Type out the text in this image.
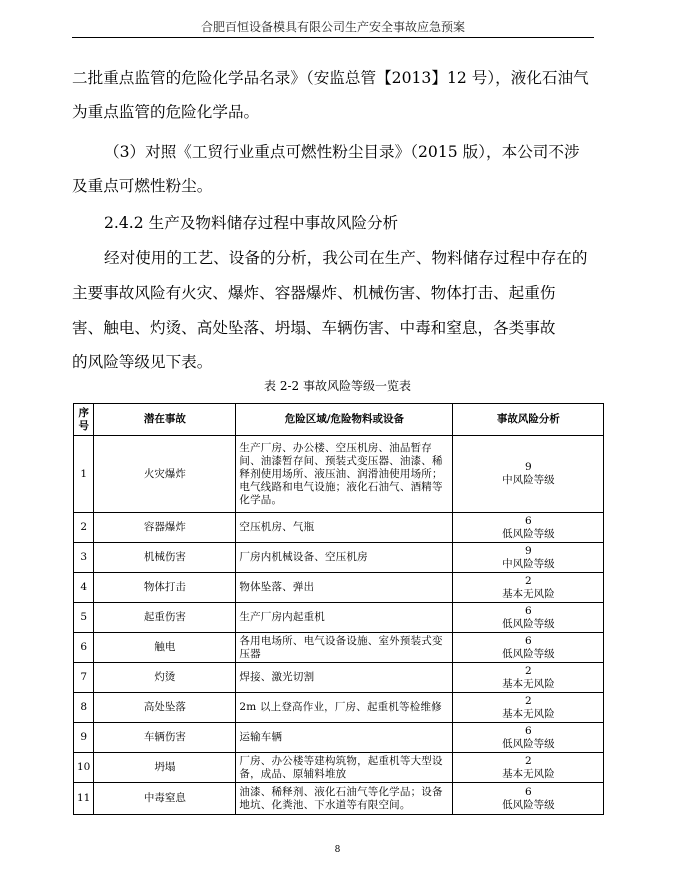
合肥百恒设备模具有限公司生产安全事故应急预案
二批重点监管的危险化学品名录》（安监总管【2013】12 号），液化石油气
为重点监管的危险化学品。
（3）对照《工贸行业重点可燃性粉尘目录》（2015 版），本公司不涉
及重点可燃性粉尘。
2.4.2 生产及物料储存过程中事故风险分析
经对使用的工艺、设备的分析，我公司在生产、物料储存过程中存在的
主要事故风险有火灾、爆炸、容器爆炸、机械伤害、物体打击、起重伤
害、触电、灼烫、高处坠落、坍塌、车辆伤害、中毒和窒息，各类事故
的风险等级见下表。
表 2-2 事故风险等级一览表
序号	潜在事故	危险区域/危险物料或设备	事故风险分析
1	火灾爆炸	生产厂房、办公楼、空压机房、油品暂存间、油漆暂存间、预装式变压器、油漆、稀释剂使用场所、液压油、润滑油使用场所；电气线路和电气设施；液化石油气、酒精等化学品。	9
中风险等级

2	容器爆炸	空压机房、气瓶	6
低风险等级

3	机械伤害	厂房内机械设备、空压机房	9
中风险等级

4	物体打击	物体坠落、弹出	2
基本无风险

5	起重伤害	生产厂房内起重机	6
低风险等级

6	触电	各用电场所、电气设备设施、室外预装式变压器	6
低风险等级

7	灼烫	焊接、激光切割	2
基本无风险

8	高处坠落	2m 以上登高作业，厂房、起重机等检维修	2
基本无风险

9	车辆伤害	运输车辆	6
低风险等级

10	坍塌	厂房、办公楼等建构筑物，起重机等大型设备，成品、原辅料堆放	2
基本无风险

11	中毒窒息	油漆、稀释剂、液化石油气等化学品；设备地坑、化粪池、下水道等有限空间。	6
低风险等级
8
